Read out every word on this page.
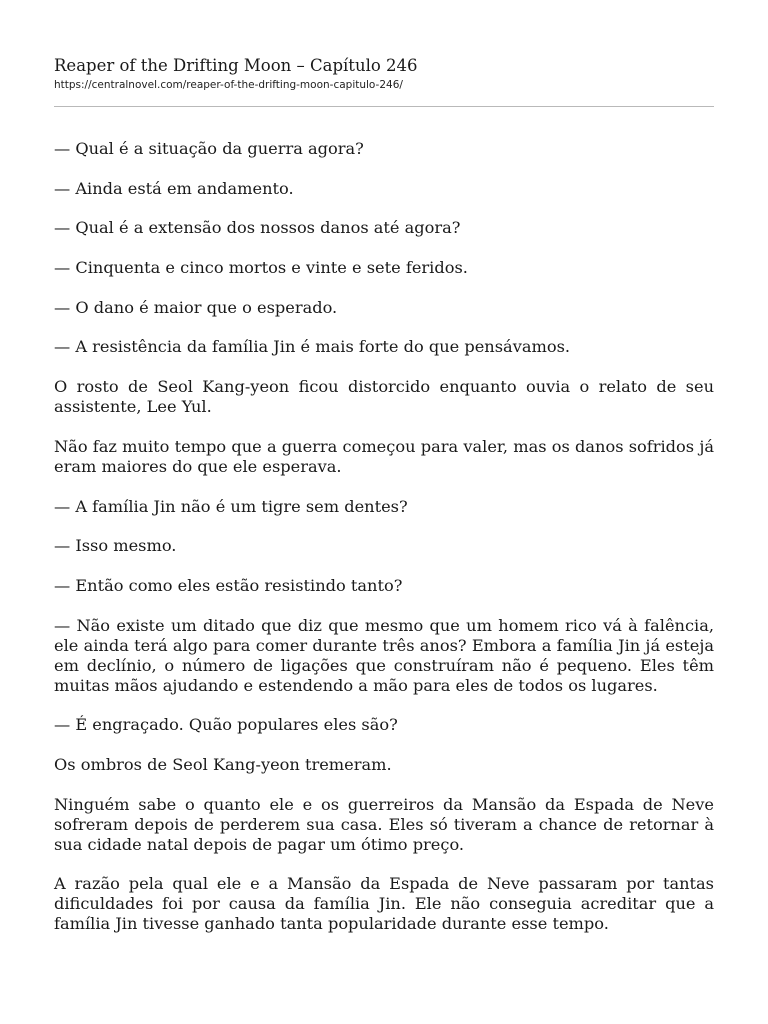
Reaper of the Drifting Moon – Capítulo 246
https://centralnovel.com/reaper-of-the-drifting-moon-capitulo-246/

— Qual é a situação da guerra agora?

— Ainda está em andamento.

— Qual é a extensão dos nossos danos até agora?

— Cinquenta e cinco mortos e vinte e sete feridos.

— O dano é maior que o esperado.

— A resistência da família Jin é mais forte do que pensávamos.

O rosto de Seol Kang-yeon ficou distorcido enquanto ouvia o relato de seu assistente, Lee Yul.

Não faz muito tempo que a guerra começou para valer, mas os danos sofridos já eram maiores do que ele esperava.

— A família Jin não é um tigre sem dentes?

— Isso mesmo.

— Então como eles estão resistindo tanto?

— Não existe um ditado que diz que mesmo que um homem rico vá à falência, ele ainda terá algo para comer durante três anos? Embora a família Jin já esteja em declínio, o número de ligações que construíram não é pequeno. Eles têm muitas mãos ajudando e estendendo a mão para eles de todos os lugares.

— É engraçado. Quão populares eles são?

Os ombros de Seol Kang-yeon tremeram.

Ninguém sabe o quanto ele e os guerreiros da Mansão da Espada de Neve sofreram depois de perderem sua casa. Eles só tiveram a chance de retornar à sua cidade natal depois de pagar um ótimo preço.

A razão pela qual ele e a Mansão da Espada de Neve passaram por tantas dificuldades foi por causa da família Jin. Ele não conseguia acreditar que a família Jin tivesse ganhado tanta popularidade durante esse tempo.
